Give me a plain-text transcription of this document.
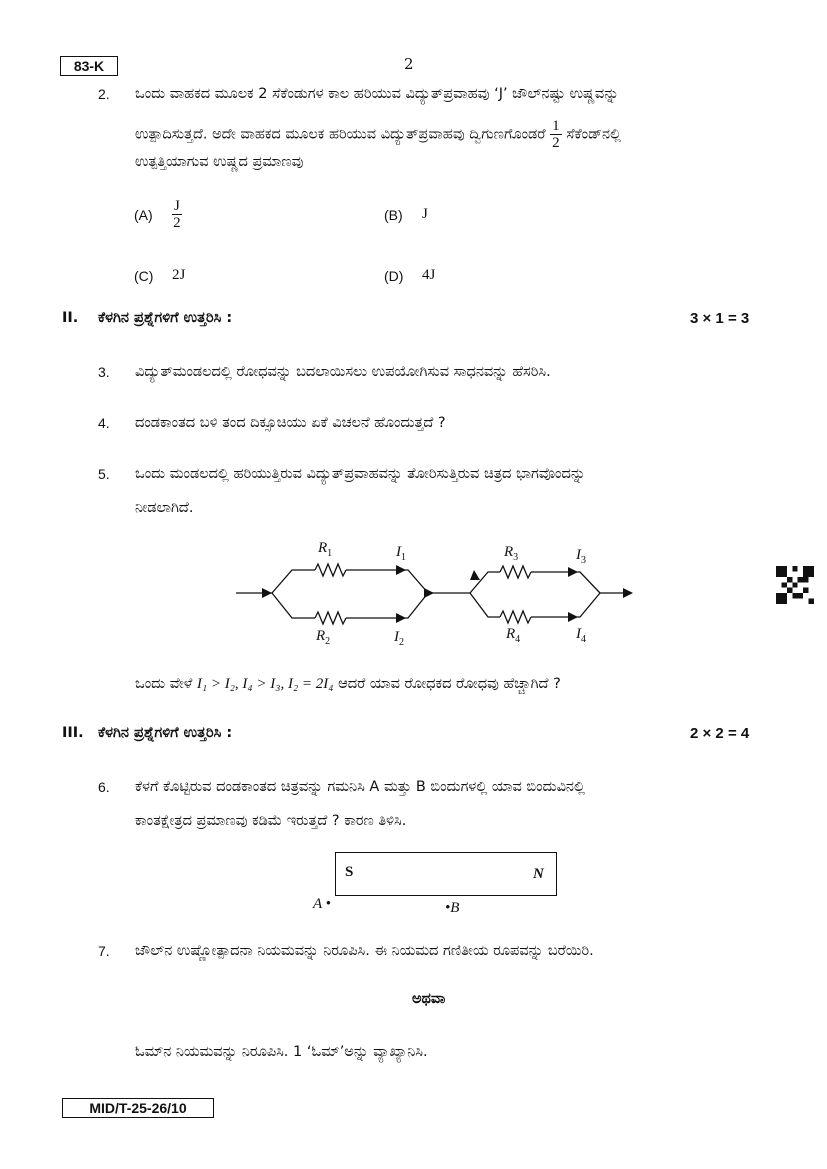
83-K	2
2. ಒಂದು ವಾಹಕದ ಮೂಲಕ 2 ಸೆಕೆಂಡುಗಳ ಕಾಲ ಹರಿಯುವ ವಿದ್ಯುತ್‌ಪ್ರವಾಹವು ‘J’ ಜೌಲ್‌ನಷ್ಟು ಉಷ್ಣವನ್ನು
ಉತ್ಪಾದಿಸುತ್ತದೆ. ಅದೇ ವಾಹಕದ ಮೂಲಕ ಹರಿಯುವ ವಿದ್ಯುತ್‌ಪ್ರವಾಹವು ದ್ವಿಗುಣಗೊಂಡರೆ $\frac{1}{2}$ ಸೆಕೆಂಡ್‌ನಲ್ಲಿ
ಉತ್ಪತ್ತಿಯಾಗುವ ಉಷ್ಣದ ಪ್ರಮಾಣವು
$(A) \frac{J}{2}$	(B) J
(C) 2J	(D) 4J
II. ಕೆಳಗಿನ ಪ್ರಶ್ನೆಗಳಿಗೆ ಉತ್ತರಿಸಿ :	3 × 1 = 3
3. ವಿದ್ಯುತ್‌ಮಂಡಲದಲ್ಲಿ ರೋಧವನ್ನು ಬದಲಾಯಿಸಲು ಉಪಯೋಗಿಸುವ ಸಾಧನವನ್ನು ಹೆಸರಿಸಿ.
4. ದಂಡಕಾಂತದ ಬಳಿ ತಂದ ದಿಕ್ಸೂಚಿಯು ಏಕೆ ವಿಚಲನೆ ಹೊಂದುತ್ತದೆ ?
5. ಒಂದು ಮಂಡಲದಲ್ಲಿ ಹರಿಯುತ್ತಿರುವ ವಿದ್ಯುತ್‌ಪ್ರವಾಹವನ್ನು ತೋರಿಸುತ್ತಿರುವ ಚಿತ್ರದ ಭಾಗವೊಂದನ್ನು
ನೀಡಲಾಗಿದೆ.
$R_1$	$I_1$
$R_2$	$I_2$
$R_3$	$I_3$
$R_4$	$I_4$
ಒಂದು ವೇಳೆ I₁ > I₂, I₄ > I₃, I₂ = 2I₄ ಆದರೆ ಯಾವ ರೋಧಕದ ರೋಧವು ಹೆಚ್ಚಾಗಿದೆ ?
III. ಕೆಳಗಿನ ಪ್ರಶ್ನೆಗಳಿಗೆ ಉತ್ತರಿಸಿ :	2 × 2 = 4
6. ಕೆಳಗೆ ಕೊಟ್ಟಿರುವ ದಂಡಕಾಂತದ ಚಿತ್ರವನ್ನು ಗಮನಿಸಿ A ಮತ್ತು B ಬಿಂದುಗಳಲ್ಲಿ ಯಾವ ಬಿಂದುವಿನಲ್ಲಿ
ಕಾಂತಕ್ಷೇತ್ರದ ಪ್ರಮಾಣವು ಕಡಿಮೆ ಇರುತ್ತದೆ ? ಕಾರಣ ತಿಳಿಸಿ.
S	N
A •	•B
7. ಜೌಲ್‌ನ ಉಷ್ಣೋತ್ಪಾದನಾ ನಿಯಮವನ್ನು ನಿರೂಪಿಸಿ. ಈ ನಿಯಮದ ಗಣಿತೀಯ ರೂಪವನ್ನು ಬರೆಯಿರಿ.
ಅಥವಾ
ಓಮ್‌ನ ನಿಯಮವನ್ನು ನಿರೂಪಿಸಿ. 1 ‘ಓಮ್’ಅನ್ನು ವ್ಯಾಖ್ಯಾನಿಸಿ.
MID/T-25-26/10
